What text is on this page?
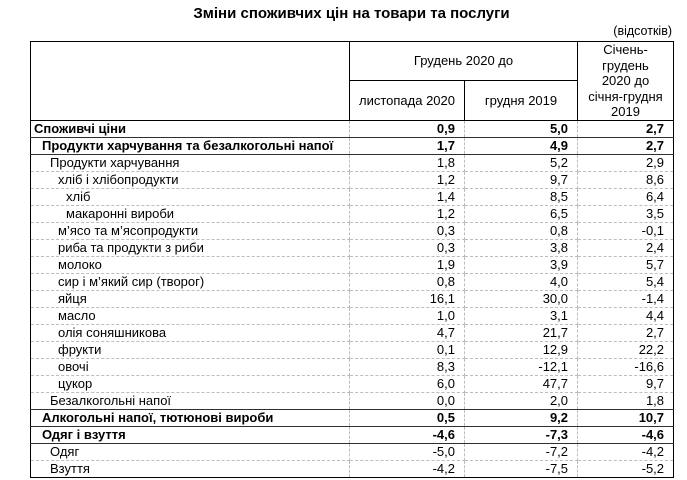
Зміни споживчих цін на товари та послуги
(відсотків)
	Грудень 2020 до		Січень-грудень
2020 до
січня-грудня
2019

	листопада 2020	грудня 2019	
Споживчі ціни	0,9	5,0	2,7
Продукти харчування та безалкогольні напої	1,7	4,9	2,7
Продукти харчування	1,8	5,2	2,9
хліб і хлібопродукти	1,2	9,7	8,6
хліб	1,4	8,5	6,4
макаронні вироби	1,2	6,5	3,5
м’ясо та м’ясопродукти	0,3	0,8	-0,1
риба та продукти з риби	0,3	3,8	2,4
молоко	1,9	3,9	5,7
сир і м’який сир (творог)	0,8	4,0	5,4
яйця	16,1	30,0	-1,4
масло	1,0	3,1	4,4
олія соняшникова	4,7	21,7	2,7
фрукти	0,1	12,9	22,2
овочі	8,3	-12,1	-16,6
цукор	6,0	47,7	9,7
Безалкогольні напої	0,0	2,0	1,8
Алкогольні напої, тютюнові вироби	0,5	9,2	10,7
Одяг і взуття	-4,6	-7,3	-4,6
Одяг	-5,0	-7,2	-4,2
Взуття	-4,2	-7,5	-5,2
